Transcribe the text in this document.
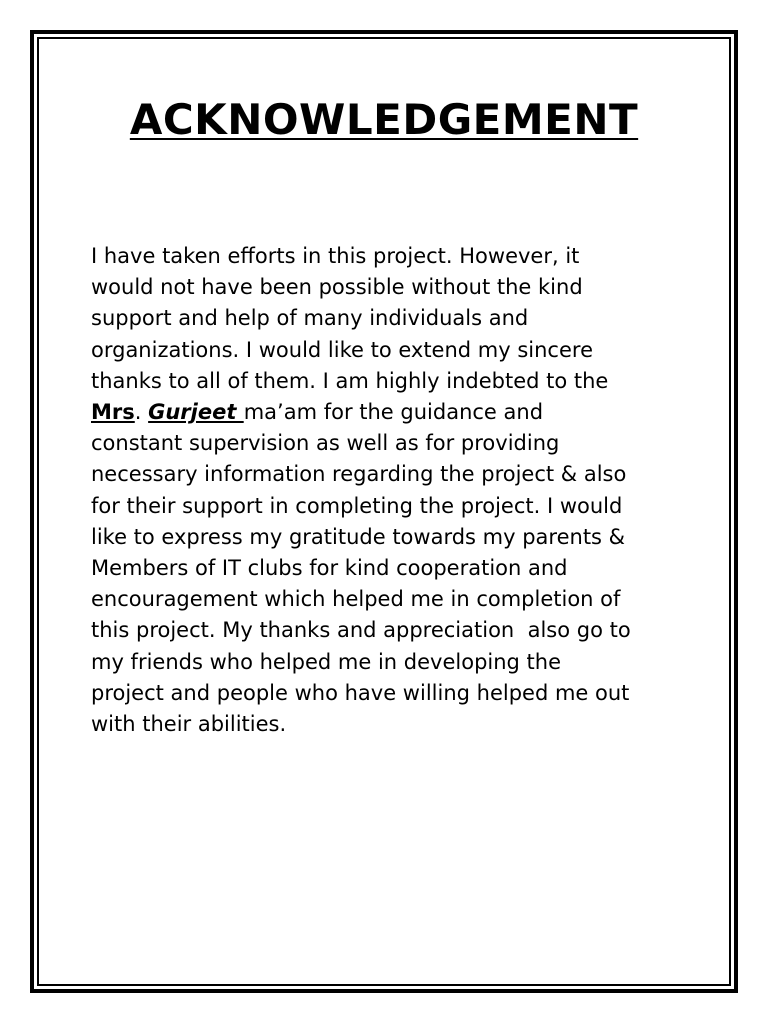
ACKNOWLEDGEMENT
I have taken efforts in this project. However, it
would not have been possible without the kind
support and help of many individuals and
organizations. I would like to extend my sincere
thanks to all of them. I am highly indebted to the
Mrs. Gurjeet ma’am for the guidance and
constant supervision as well as for providing
necessary information regarding the project & also
for their support in completing the project. I would
like to express my gratitude towards my parents &
Members of IT clubs for kind cooperation and
encouragement which helped me in completion of
this project. My thanks and appreciation  also go to
my friends who helped me in developing the
project and people who have willing helped me out
with their abilities.
